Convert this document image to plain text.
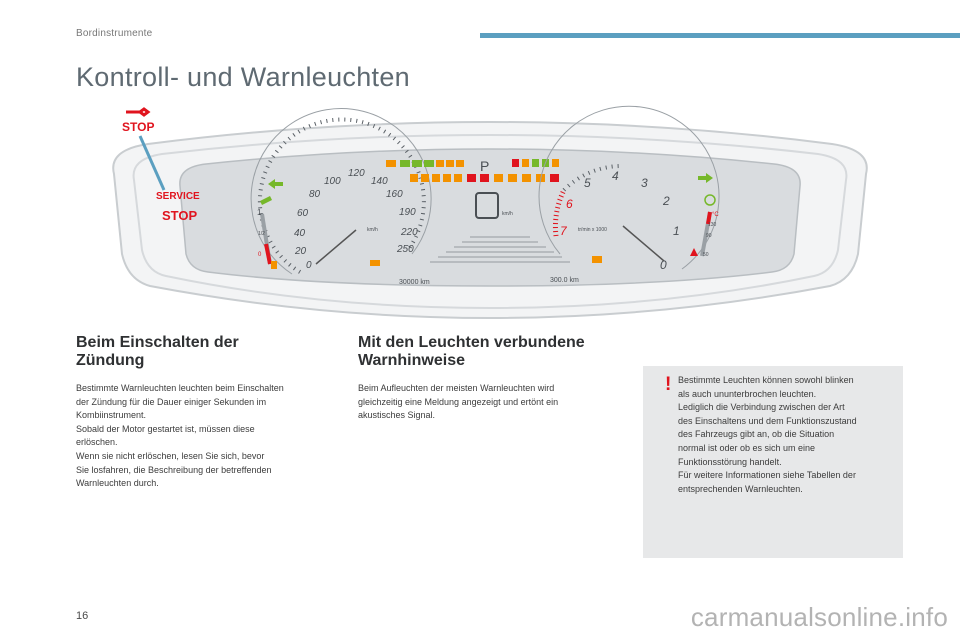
Bordinstrumente
Kontroll- und Warnleuchten
0
20
40
60
80
100
120
140
160
190
220
250
km/h
1
1/2
0
P
km/h
30000 km	300.0 km
0
1
2
3
4
5
6
7 tr/min x 1000
°C
130
90
50
STOP
SERVICE
STOP
Beim Einschalten der
Zündung

Bestimmte Warnleuchten leuchten beim Einschalten
der Zündung für die Dauer einiger Sekunden im
Kombiinstrument.
Sobald der Motor gestartet ist, müssen diese
erlöschen.
Wenn sie nicht erlöschen, lesen Sie sich, bevor
Sie losfahren, die Beschreibung der betreffenden
Warnleuchten durch.

Mit den Leuchten verbundene
Warnhinweise

Beim Aufleuchten der meisten Warnleuchten wird
gleichzeitig eine Meldung angezeigt und ertönt ein
akustisches Signal.

! Bestimmte Leuchten können sowohl blinken
als auch ununterbrochen leuchten.
Lediglich die Verbindung zwischen der Art
des Einschaltens und dem Funktionszustand
des Fahrzeugs gibt an, ob die Situation
normal ist oder ob es sich um eine
Funktionsstörung handelt.
Für weitere Informationen siehe Tabellen der
entsprechenden Warnleuchten.

16	carmanualsonline.info
